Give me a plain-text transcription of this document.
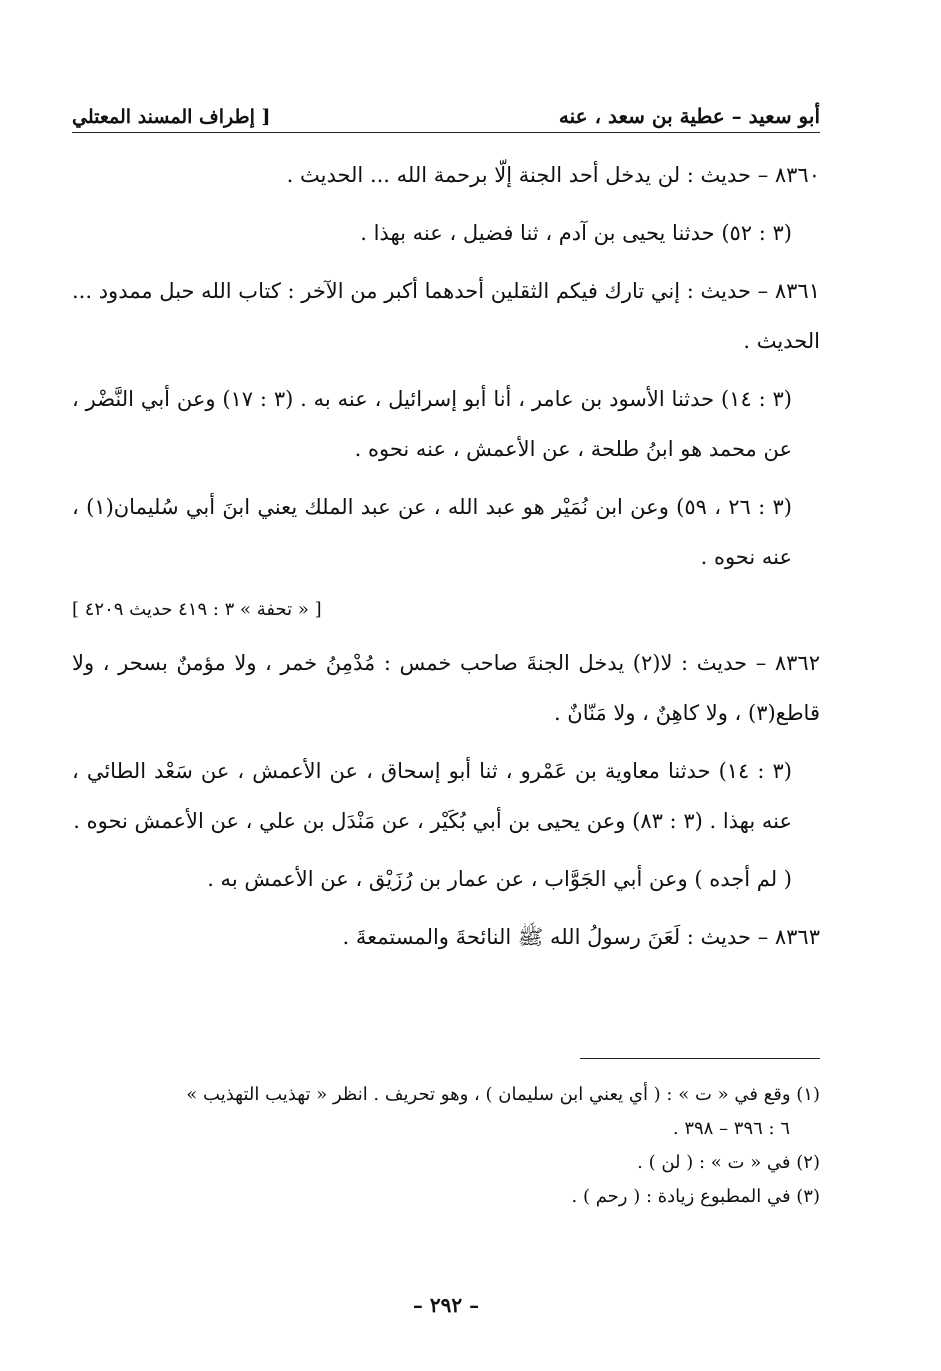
أبو سعيد – عطية بن سعد ، عنه
[ إطراف المسند المعتلي

٨٣٦٠ – حديث : لن يدخل أحد الجنة إلّا برحمة الله ... الحديث .

(٣ : ٥٢) حدثنا يحيى بن آدم ، ثنا فضيل ، عنه بهذا .

٨٣٦١ – حديث : إني تارك فيكم الثقلين أحدهما أكبر من الآخر : كتاب الله حبل ممدود ... الحديث .

(٣ : ١٤) حدثنا الأسود بن عامر ، أنا أبو إسرائيل ، عنه به . (٣ : ١٧) وعن أبي النَّضْر ، عن محمد هو ابنُ طلحة ، عن الأعمش ، عنه نحوه .

(٣ : ٢٦ ، ٥٩) وعن ابن نُمَيْر هو عبد الله ، عن عبد الملك يعني ابنَ أبي سُليمان(١) ، عنه نحوه .

[ « تحفة » ٣ : ٤١٩ حديث ٤٢٠٩ ]

٨٣٦٢ – حديث : لا(٢) يدخل الجنةَ صاحب خمس : مُدْمِنُ خمر ، ولا مؤمنٌ بسحر ، ولا قاطع(٣) ، ولا كاهِنٌ ، ولا مَنّانٌ .

(٣ : ١٤) حدثنا معاوية بن عَمْرو ، ثنا أبو إسحاق ، عن الأعمش ، عن سَعْد الطائي ، عنه بهذا . (٣ : ٨٣) وعن يحيى بن أبي بُكَيْر ، عن مَنْدَل بن علي ، عن الأعمش نحوه .

( لم أجده ) وعن أبي الجَوَّاب ، عن عمار بن رُزَيْق ، عن الأعمش به .

٨٣٦٣ – حديث : لَعَنَ رسولُ الله ﷺ النائحةَ والمستمعةَ .

(١) وقع في « ت » : ( أي يعني ابن سليمان ) ، وهو تحريف . انظر « تهذيب التهذيب »

٦ : ٣٩٦ – ٣٩٨ .

(٢) في « ت » : ( لن ) .

(٣) في المطبوع زيادة : ( رحم ) .

– ٢٩٢ –
